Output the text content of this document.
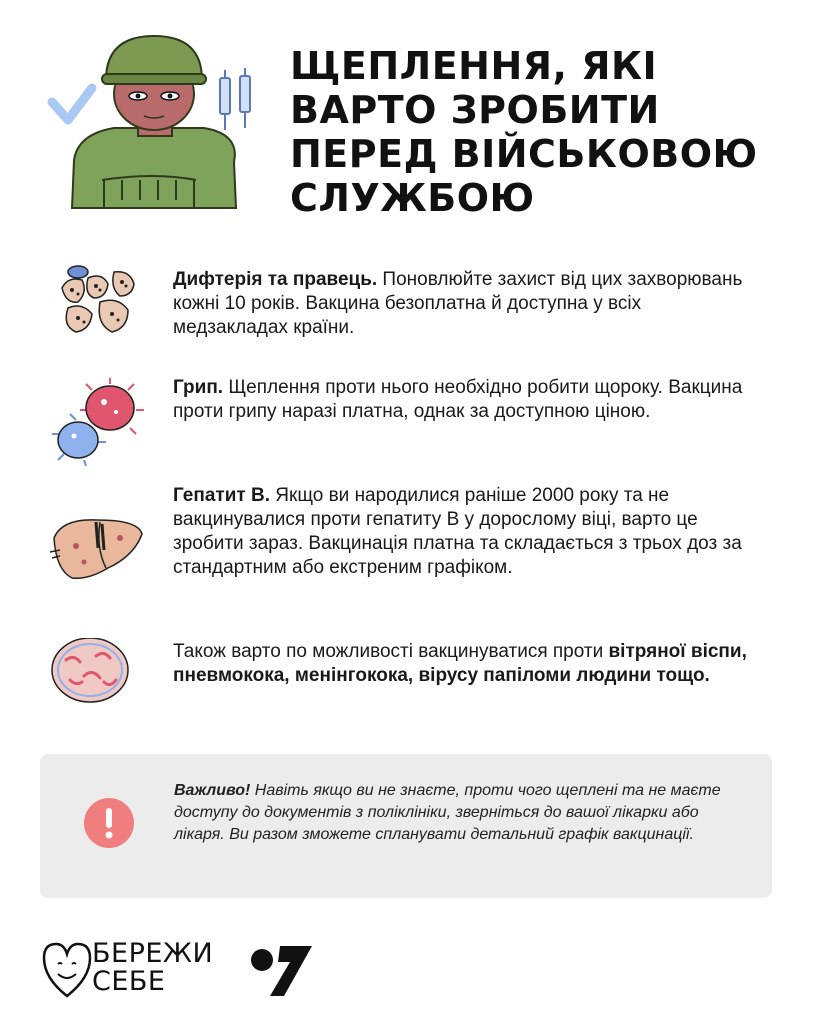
ЩЕПЛЕННЯ, ЯКІ
ВАРТО ЗРОБИТИ
ПЕРЕД ВІЙСЬКОВОЮ
СЛУЖБОЮ

Дифтерія та правець. Поновлюйте захист від цих захворювань кожні 10 років. Вакцина безоплатна й доступна у всіх медзакладах країни.

Грип. Щеплення проти нього необхідно робити щороку. Вакцина проти грипу наразі платна, однак за доступною ціною.

Гепатит B. Якщо ви народилися раніше 2000 року та не вакцинувалися проти гепатиту B у дорослому віці, варто це зробити зараз. Вакцинація платна та складається з трьох доз за стандартним або екстреним графіком.

Також варто по можливості вакцинуватися проти вітряної віспи, пневмокока, менінгокока, вірусу папіломи людини тощо.

Важливо! Навіть якщо ви не знаєте, проти чого щеплені та не маєте доступу до документів з поліклініки, зверніться до вашої лікарки або лікаря. Ви разом зможете спланувати детальний графік вакцинації.

БЕРЕЖИ
СЕБЕ
